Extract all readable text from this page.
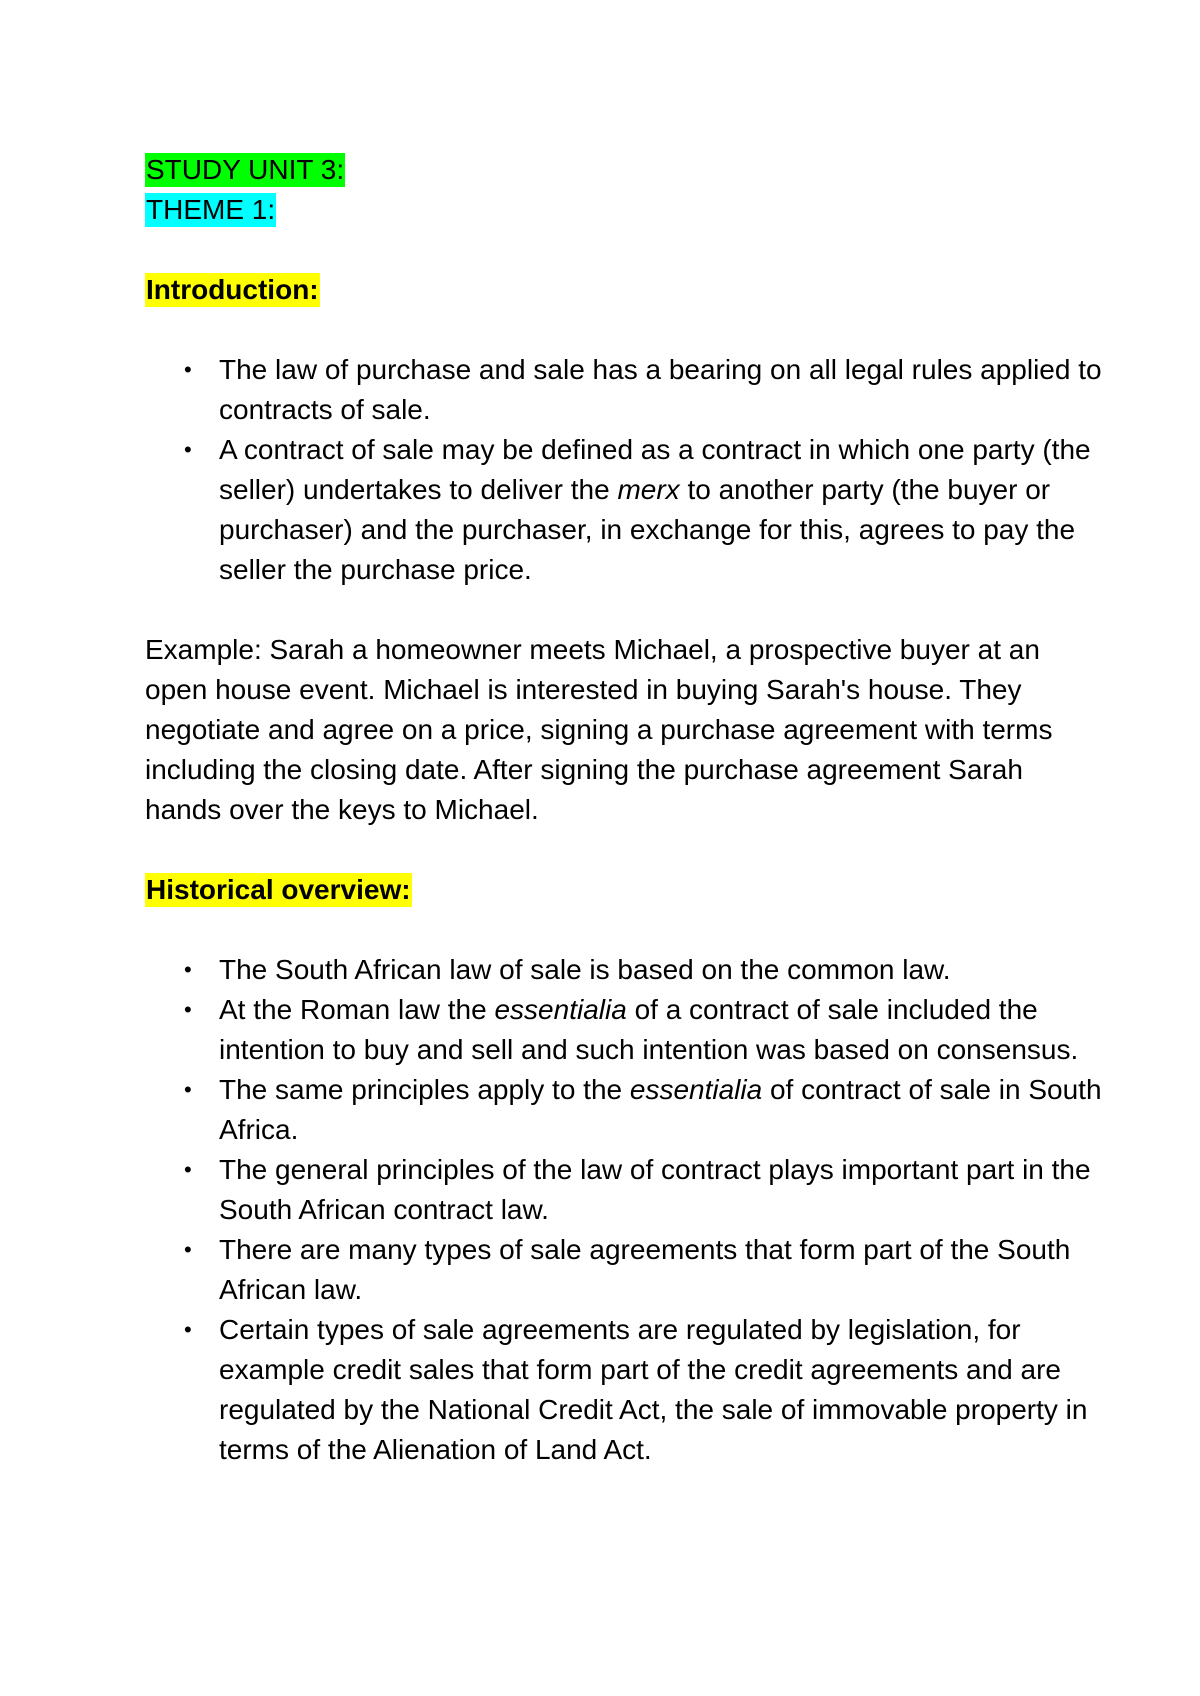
STUDY UNIT 3:
THEME 1:
Introduction:
• The law of purchase and sale has a bearing on all legal rules applied to contracts of sale.
• A contract of sale may be defined as a contract in which one party (the seller) undertakes to deliver the merx to another party (the buyer or purchaser) and the purchaser, in exchange for this, agrees to pay the seller the purchase price.
Example: Sarah a homeowner meets Michael, a prospective buyer at an open house event. Michael is interested in buying Sarah's house. They negotiate and agree on a price, signing a purchase agreement with terms including the closing date. After signing the purchase agreement Sarah hands over the keys to Michael.
Historical overview:
• The South African law of sale is based on the common law.
• At the Roman law the essentialia of a contract of sale included the intention to buy and sell and such intention was based on consensus.
• The same principles apply to the essentialia of contract of sale in South Africa.
• The general principles of the law of contract plays important part in the South African contract law.
• There are many types of sale agreements that form part of the South African law.
• Certain types of sale agreements are regulated by legislation, for example credit sales that form part of the credit agreements and are regulated by the National Credit Act, the sale of immovable property in terms of the Alienation of Land Act.
